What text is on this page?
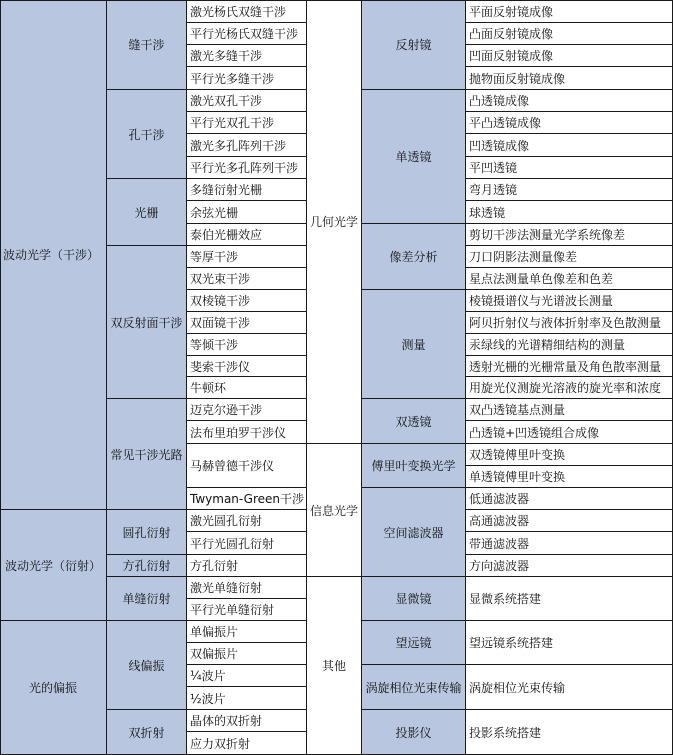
波动光学（干涉）
波动光学（衍射）
光的偏振
缝干涉
孔干涉
光栅
双反射面干涉
常见干涉光路
圆孔衍射
方孔衍射
单缝衍射
线偏振
双折射
激光杨氏双缝干涉
平行光杨氏双缝干涉
激光多缝干涉
平行光多缝干涉
激光双孔干涉
平行光双孔干涉
激光多孔阵列干涉
平行光多孔阵列干涉
多缝衍射光栅
余弦光栅
泰伯光栅效应
等厚干涉
双光束干涉
双棱镜干涉
双面镜干涉
等倾干涉
斐索干涉仪
牛顿环
迈克尔逊干涉
法布里珀罗干涉仪
马赫曾德干涉仪
Twyman-Green干涉
激光圆孔衍射
平行光圆孔衍射
方孔衍射
激光单缝衍射
平行光单缝衍射
单偏振片
双偏振片
¼波片
½波片
晶体的双折射
应力双折射
几何光学
信息光学
其他
反射镜
单透镜
像差分析
测量
双透镜
傅里叶变换光学
空间滤波器
显微镜
望远镜
涡旋相位光束传输
投影仪
平面反射镜成像
凸面反射镜成像
凹面反射镜成像
抛物面反射镜成像
凸透镜成像
平凸透镜成像
凹透镜成像
平凹透镜
弯月透镜
球透镜
剪切干涉法测量光学系统像差
刀口阴影法测量像差
星点法测量单色像差和色差
棱镜摄谱仪与光谱波长测量
阿贝折射仪与液体折射率及色散测量
汞绿线的光谱精细结构的测量
透射光栅的光栅常量及角色散率测量
用旋光仪测旋光溶液的旋光率和浓度
双凸透镜基点测量
凸透镜+凹透镜组合成像
双透镜傅里叶变换
单透镜傅里叶变换
低通滤波器
高通滤波器
带通滤波器
方向滤波器
显微系统搭建
望远镜系统搭建
涡旋相位光束传输
投影系统搭建
